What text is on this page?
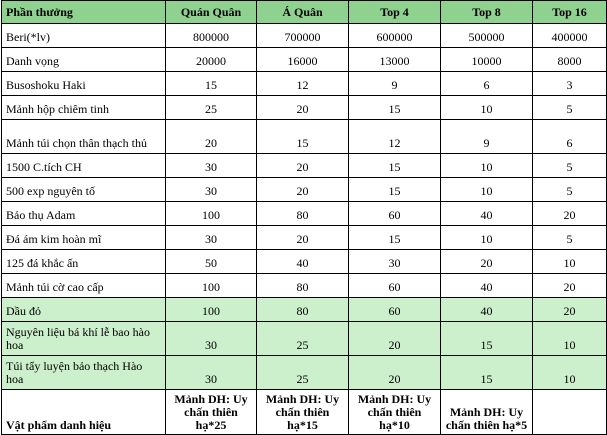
Phần thưởng	Quán Quân	Á Quân	Top 4	Top 8	Top 16
Beri(*lv)	800000	700000	600000	500000	400000
Danh vọng	20000	16000	13000	10000	8000
Busoshoku Haki	15	12	9	6	3
Mảnh hộp chiêm tinh	25	20	15	10	5
Mảnh túi chọn thân thạch thủ	20	15	12	9	6
1500 C.tích CH	30	20	15	10	5
500 exp nguyên tố	30	20	15	10	5
Bảo thụ Adam	100	80	60	40	20
Đá ám kim hoàn mĩ	30	20	15	10	5
125 đá khắc ấn	50	40	30	20	10
Mảnh túi cờ cao cấp	100	80	60	40	20
Dầu đỏ	100	80	60	40	20
Nguyên liệu bá khí lễ bao hào hoa	30	25	20	15	10
Túi tẩy luyện bảo thạch Hào hoa	30	25	20	15	10
Vật phẩm danh hiệu	Mảnh DH: Uy chấn thiên hạ*25	Mảnh DH: Uy chấn thiên hạ*15	Mảnh DH: Uy chấn thiên hạ*10	Mảnh DH: Uy chấn thiên hạ*5	
